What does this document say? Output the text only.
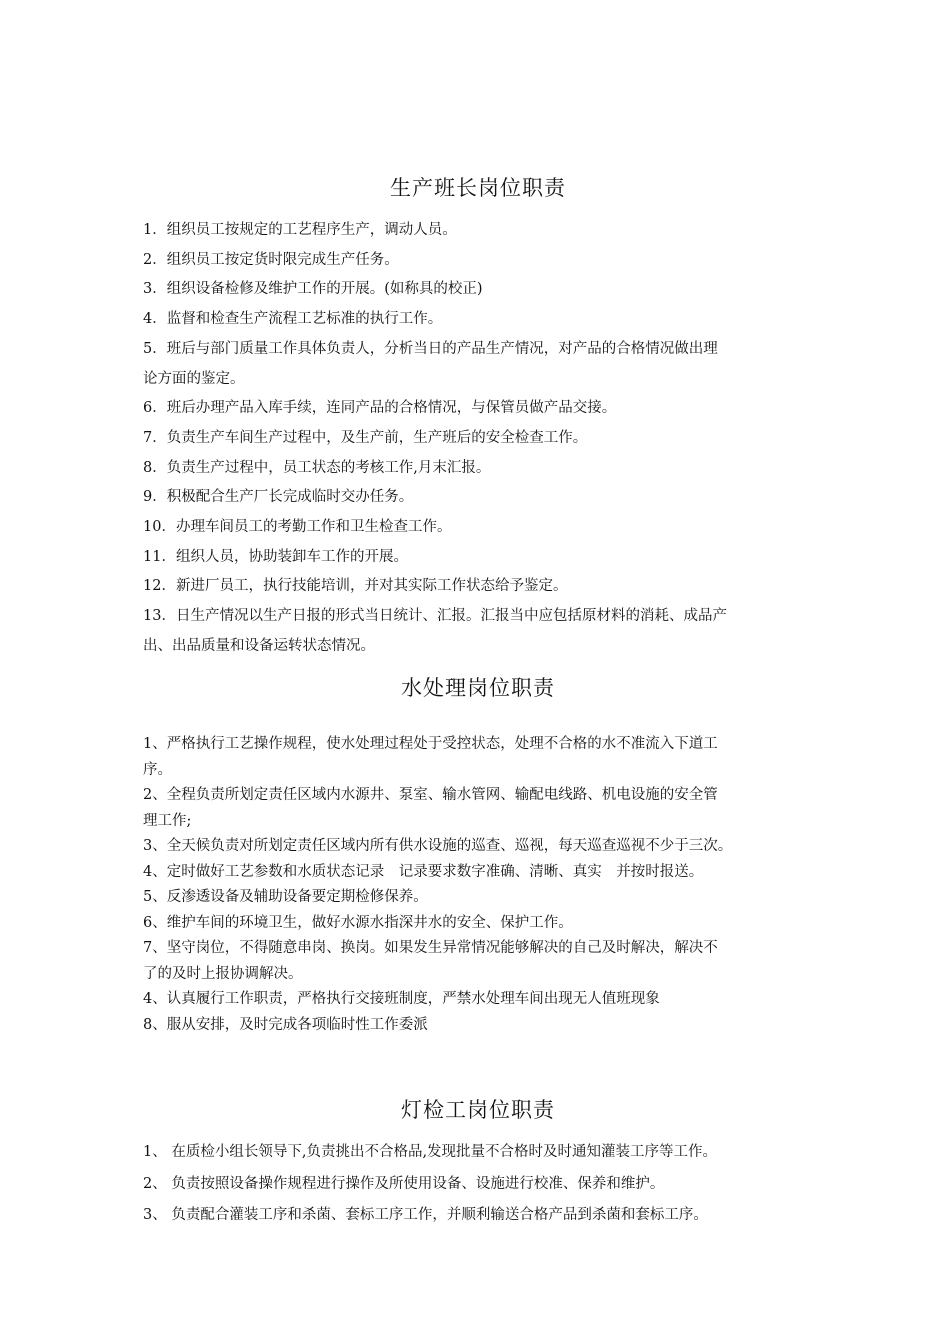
生产班长岗位职责
1．组织员工按规定的工艺程序生产，调动人员。
2．组织员工按定货时限完成生产任务。
3．组织设备检修及维护工作的开展。(如称具的校正)
4．监督和检查生产流程工艺标准的执行工作。
5．班后与部门质量工作具体负责人，分析当日的产品生产情况，对产品的合格情况做出理
论方面的鉴定。
6．班后办理产品入库手续，连同产品的合格情况，与保管员做产品交接。
7．负责生产车间生产过程中，及生产前，生产班后的安全检查工作。
8．负责生产过程中，员工状态的考核工作,月末汇报。
9．积极配合生产厂长完成临时交办任务。
10．办理车间员工的考勤工作和卫生检查工作。
11．组织人员，协助装卸车工作的开展。
12．新进厂员工，执行技能培训，并对其实际工作状态给予鉴定。
13．日生产情况以生产日报的形式当日统计、汇报。汇报当中应包括原材料的消耗、成品产
出、出品质量和设备运转状态情况。
水处理岗位职责
1、严格执行工艺操作规程，使水处理过程处于受控状态，处理不合格的水不准流入下道工
序。
2、全程负责所划定责任区域内水源井、泵室、输水管网、输配电线路、机电设施的安全管
理工作;
3、全天候负责对所划定责任区域内所有供水设施的巡查、巡视，每天巡查巡视不少于三次。
4、定时做好工艺参数和水质状态记录　记录要求数字准确、清晰、真实　并按时报送。
5、反渗透设备及辅助设备要定期检修保养。
6、维护车间的环境卫生，做好水源水指深井水的安全、保护工作。
7、坚守岗位，不得随意串岗、换岗。如果发生异常情况能够解决的自己及时解决，解决不
了的及时上报协调解决。
4、认真履行工作职责，严格执行交接班制度，严禁水处理车间出现无人值班现象
8、服从安排，及时完成各项临时性工作委派
灯检工岗位职责
1、 在质检小组长领导下,负责挑出不合格品,发现批量不合格时及时通知灌装工序等工作。
2、 负责按照设备操作规程进行操作及所使用设备、设施进行校准、保养和维护。
3、 负责配合灌装工序和杀菌、套标工序工作，并顺利输送合格产品到杀菌和套标工序。
